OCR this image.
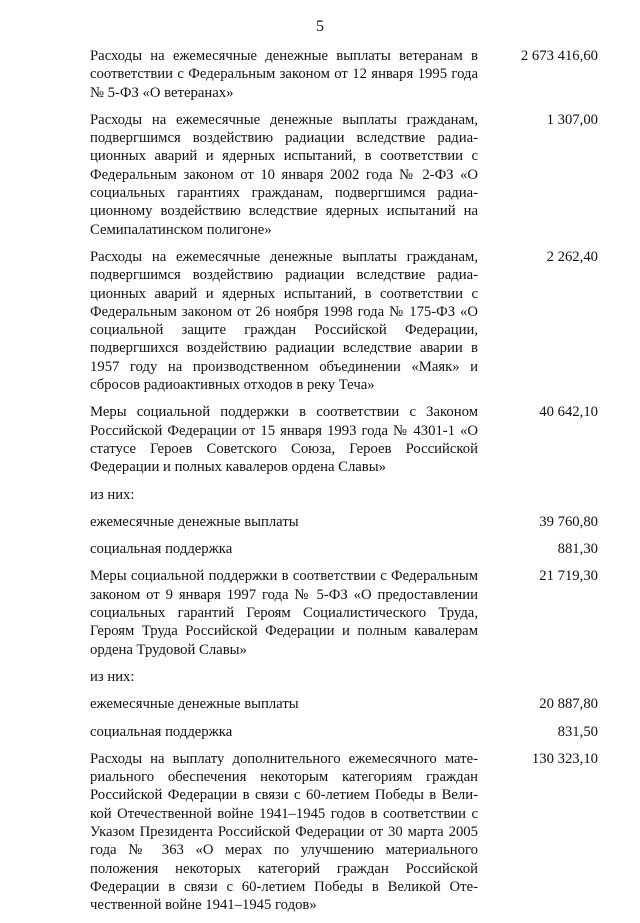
5
Расходы на ежемесячные денежные выплаты ветеранам в соответствии с Федеральным законом от 12 января 1995 года № 5-ФЗ «О ветеранах»
2 673 416,60
Расходы на ежемесячные денежные выплаты гражданам, подвергшимся воздействию радиации вследствие радиационных аварий и ядерных испытаний, в соответствии с Федеральным законом от 10 января 2002 года № 2-ФЗ «О социальных гарантиях гражданам, подвергшимся радиационному воздействию вследствие ядерных испытаний на Семипалатинском полигоне»
1 307,00
Расходы на ежемесячные денежные выплаты гражданам, подвергшимся воздействию радиации вследствие радиационных аварий и ядерных испытаний, в соответствии с Федеральным законом от 26 ноября 1998 года № 175-ФЗ «О социальной защите граждан Российской Федерации, подвергшихся воздействию радиации вследствие аварии в 1957 году на производственном объединении «Маяк» и сбросов радиоактивных отходов в реку Теча»
2 262,40
Меры социальной поддержки в соответствии с Законом Российской Федерации от 15 января 1993 года № 4301-1 «О статусе Героев Советского Союза, Героев Российской Федерации и полных кавалеров ордена Славы»
40 642,10
из них:
ежемесячные денежные выплаты	39 760,80
социальная поддержка	881,30
Меры социальной поддержки в соответствии с Федеральным законом от 9 января 1997 года № 5-ФЗ «О предоставлении социальных гарантий Героям Социалистического Труда, Героям Труда Российской Федерации и полным кавалерам ордена Трудовой Славы»
21 719,30
из них:
ежемесячные денежные выплаты	20 887,80
социальная поддержка	831,50
Расходы на выплату дополнительного ежемесячного материального обеспечения некоторым категориям граждан Российской Федерации в связи с 60-летием Победы в Великой Отечественной войне 1941–1945 годов в соответствии с Указом Президента Российской Федерации от 30 марта 2005 года № 363 «О мерах по улучшению материального положения некоторых категорий граждан Российской Федерации в связи с 60-летием Победы в Великой Отечественной войне 1941–1945 годов»
130 323,10
